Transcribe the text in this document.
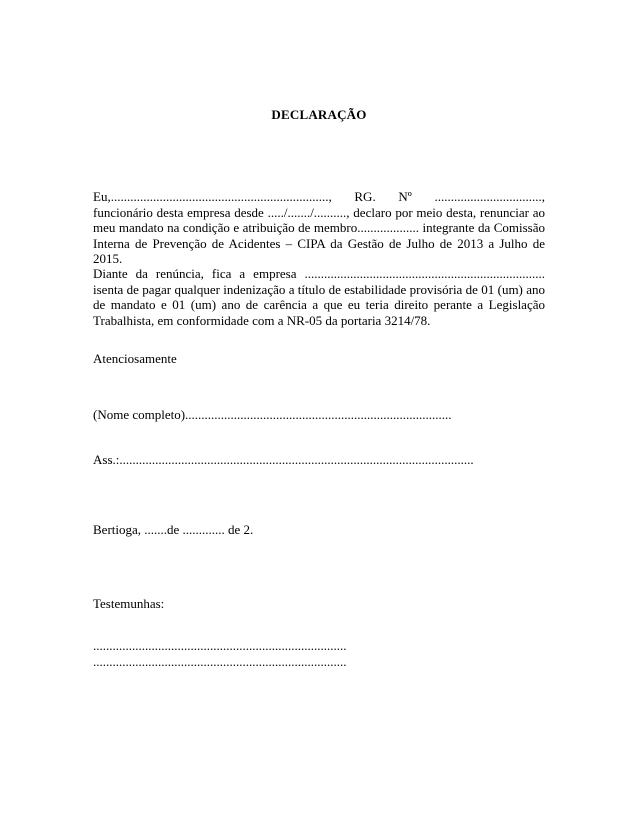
DECLARAÇÃO
Eu,..................................................................., RG. Nº ................................., funcionário desta empresa desde ...../......./.........., declaro por meio desta, renunciar ao meu mandato na condição e atribuição de membro................... integrante da Comissão Interna de Prevenção de Acidentes – CIPA da Gestão de Julho de 2013 a Julho de 2015.
Diante da renúncia, fica a empresa .......................................................................... isenta de pagar qualquer indenização a título de estabilidade provisória de 01 (um) ano de mandato e 01 (um) ano de carência a que eu teria direito perante a Legislação Trabalhista, em conformidade com a NR-05 da portaria 3214/78.
Atenciosamente
(Nome completo)..................................................................................
Ass.:.............................................................................................................
Bertioga, .......de ............. de 2.
Testemunhas:
..............................................................................
..............................................................................
